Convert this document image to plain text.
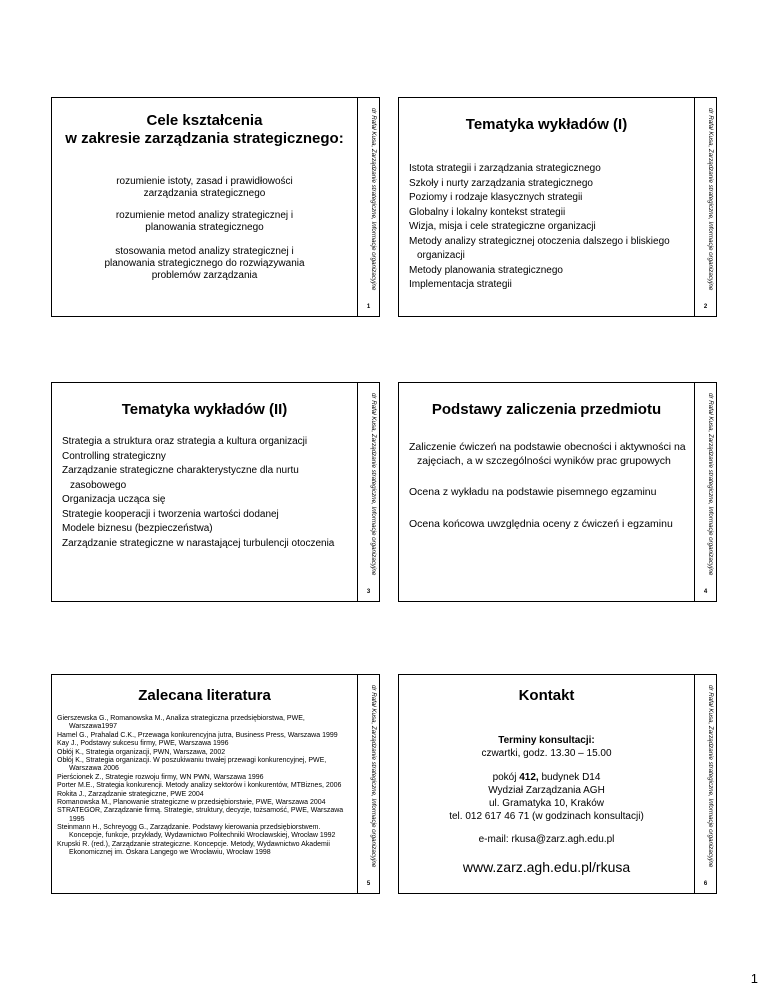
Cele kształcenia
w zakresie zarządzania strategicznego:
rozumienie istoty, zasad i prawidłowości
zarządzania strategicznego
rozumienie metod analizy strategicznej i
planowania strategicznego
stosowania metod analizy strategicznej i
planowania strategicznego do rozwiązywania
problemów zarządzania	dr Rafał Kusa, Zarządzanie strategiczne, Informacje organizacyjne
1
Tematyka wykładów (I)
Istota strategii i zarządzania strategicznego
Szkoły i nurty zarządzania strategicznego
Poziomy i rodzaje klasycznych strategii
Globalny i lokalny kontekst strategii
Wizja, misja i cele strategiczne organizacji
Metody analizy strategicznej otoczenia dalszego i bliskiego organizacji
Metody planowania strategicznego
Implementacja strategii	dr Rafał Kusa, Zarządzanie strategiczne, Informacje organizacyjne
2
Tematyka wykładów (II)
Strategia a struktura oraz strategia a kultura organizacji
Controlling strategiczny
Zarządzanie strategiczne charakterystyczne dla nurtu zasobowego
Organizacja ucząca się
Strategie kooperacji i tworzenia wartości dodanej
Modele biznesu (bezpieczeństwa)
Zarządzanie strategiczne w narastającej turbulencji otoczenia	dr Rafał Kusa, Zarządzanie strategiczne, Informacje organizacyjne
3
Podstawy zaliczenia przedmiotu
Zaliczenie ćwiczeń na podstawie obecności i aktywności na zajęciach, a w szczególności wyników prac grupowych
Ocena z wykładu na podstawie pisemnego egzaminu
Ocena końcowa uwzględnia oceny z ćwiczeń i egzaminu	dr Rafał Kusa, Zarządzanie strategiczne, Informacje organizacyjne
4
Zalecana literatura
Gierszewska G., Romanowska M., Analiza strategiczna przedsiębiorstwa, PWE, Warszawa1997
Hamel G., Prahalad C.K., Przewaga konkurencyjna jutra, Business Press, Warszawa 1999
Kay J., Podstawy sukcesu firmy, PWE, Warszawa 1996
Obłój K., Strategia organizacji, PWN, Warszawa, 2002
Obłój K., Strategia organizacji. W poszukiwaniu trwałej przewagi konkurencyjnej, PWE, Warszawa 2006
Pierścionek Z., Strategie rozwoju firmy, WN PWN, Warszawa 1996
Porter M.E., Strategia konkurencji. Metody analizy sektorów i konkurentów, MTBiznes, 2006
Rokita J., Zarządzanie strategiczne, PWE 2004
Romanowska M., Planowanie strategiczne w przedsiębiorstwie, PWE, Warszawa 2004
STRATEGOR, Zarządzanie firmą. Strategie, struktury, decyzje, tożsamość, PWE, Warszawa 1995
Steinmann H., Schreyogg G., Zarządzanie. Podstawy kierowania przedsiębiorstwem. Koncepcje, funkcje, przykłady, Wydawnictwo Politechniki Wrocławskiej, Wrocław 1992
Krupski R. (red.), Zarządzanie strategiczne. Koncepcje. Metody, Wydawnictwo Akademii Ekonomicznej im. Oskara Langego we Wrocławiu, Wrocław 1998	dr Rafał Kusa, Zarządzanie strategiczne, Informacje organizacyjne
5
Kontakt
Terminy konsultacji:
czwartki, godz. 13.30 – 15.00
pokój 412, budynek D14
Wydział Zarządzania AGH
ul. Gramatyka 10, Kraków
tel. 012 617 46 71 (w godzinach konsultacji)
e-mail: rkusa@zarz.agh.edu.pl
www.zarz.agh.edu.pl/rkusa	dr Rafał Kusa, Zarządzanie strategiczne, Informacje organizacyjne
6
1
